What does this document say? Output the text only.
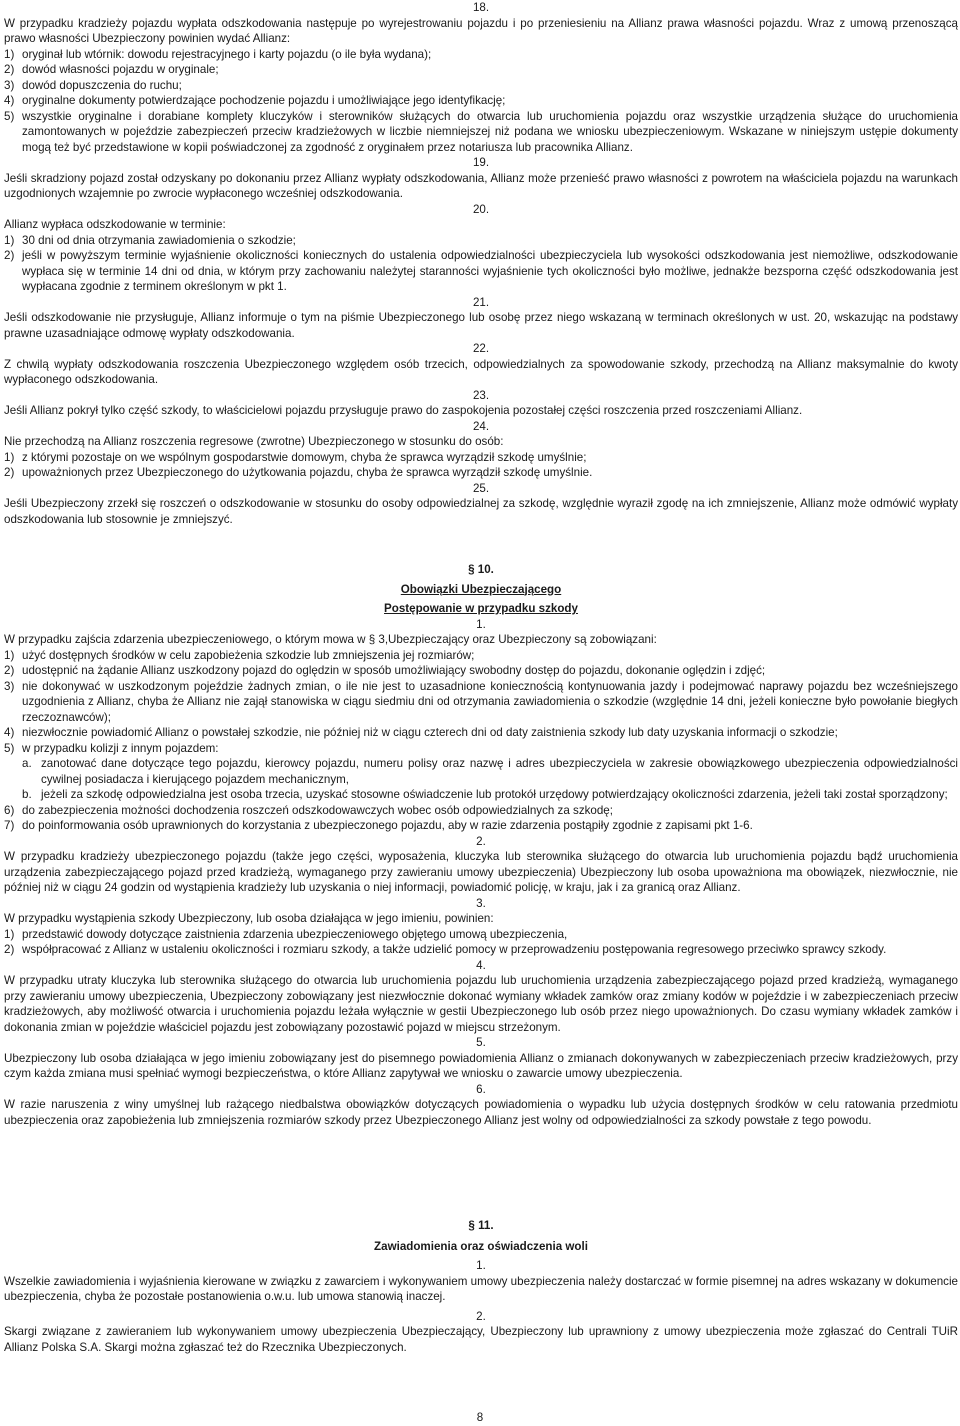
18.

W przypadku kradzieży pojazdu wypłata odszkodowania następuje po wyrejestrowaniu pojazdu i po przeniesieniu na Allianz prawa własności pojazdu. Wraz z umową przenoszącą prawo własności Ubezpieczony powinien wydać Allianz:

1) oryginał lub wtórnik: dowodu rejestracyjnego i karty pojazdu (o ile była wydana);
2) dowód własności pojazdu w oryginale;
3) dowód dopuszczenia do ruchu;
4) oryginalne dokumenty potwierdzające pochodzenie pojazdu i umożliwiające jego identyfikację;
5) wszystkie oryginalne i dorabiane komplety kluczyków i sterowników służących do otwarcia lub uruchomienia pojazdu oraz wszystkie urządzenia służące do uruchomienia zamontowanych w pojeździe zabezpieczeń przeciw kradzieżowych w liczbie niemniejszej niż podana we wniosku ubezpieczeniowym. Wskazane w niniejszym ustępie dokumenty mogą też być przedstawione w kopii poświadczonej za zgodność z oryginałem przez notariusza lub pracownika Allianz.

19.

Jeśli skradziony pojazd został odzyskany po dokonaniu przez Allianz wypłaty odszkodowania, Allianz może przenieść prawo własności z powrotem na właściciela pojazdu na warunkach uzgodnionych wzajemnie po zwrocie wypłaconego wcześniej odszkodowania.

20.

Allianz wypłaca odszkodowanie w terminie:

1) 30 dni od dnia otrzymania zawiadomienia o szkodzie;
2) jeśli w powyższym terminie wyjaśnienie okoliczności koniecznych do ustalenia odpowiedzialności ubezpieczyciela lub wysokości odszkodowania jest niemożliwe, odszkodowanie wypłaca się w terminie 14 dni od dnia, w którym przy zachowaniu należytej staranności wyjaśnienie tych okoliczności było możliwe, jednakże bezsporna część odszkodowania jest wypłacana zgodnie z terminem określonym w pkt 1.

21.

Jeśli odszkodowanie nie przysługuje, Allianz informuje o tym na piśmie Ubezpieczonego lub osobę przez niego wskazaną w terminach określonych w ust. 20, wskazując na podstawy prawne uzasadniające odmowę wypłaty odszkodowania.

22.

Z chwilą wypłaty odszkodowania roszczenia Ubezpieczonego względem osób trzecich, odpowiedzialnych za spowodowanie szkody, przechodzą na Allianz maksymalnie do kwoty wypłaconego odszkodowania.

23.

Jeśli Allianz pokrył tylko część szkody, to właścicielowi pojazdu przysługuje prawo do zaspokojenia pozostałej części roszczenia przed roszczeniami Allianz.

24.

Nie przechodzą na Allianz roszczenia regresowe (zwrotne) Ubezpieczonego w stosunku do osób:

1) z którymi pozostaje on we wspólnym gospodarstwie domowym, chyba że sprawca wyrządził szkodę umyślnie;
2) upoważnionych przez Ubezpieczonego do użytkowania pojazdu, chyba że sprawca wyrządził szkodę umyślnie.

25.

Jeśli Ubezpieczony zrzekł się roszczeń o odszkodowanie w stosunku do osoby odpowiedzialnej za szkodę, względnie wyraził zgodę na ich zmniejszenie, Allianz może odmówić wypłaty odszkodowania lub stosownie je zmniejszyć.

§ 10.

Obowiązki Ubezpieczającego

Postępowanie w przypadku szkody

1.

W przypadku zajścia zdarzenia ubezpieczeniowego, o którym mowa w § 3,Ubezpieczający oraz Ubezpieczony są zobowiązani:

1) użyć dostępnych środków w celu zapobieżenia szkodzie lub zmniejszenia jej rozmiarów;
2) udostępnić na żądanie Allianz uszkodzony pojazd do oględzin w sposób umożliwiający swobodny dostęp do pojazdu, dokonanie oględzin i zdjęć;
3) nie dokonywać w uszkodzonym pojeździe żadnych zmian, o ile nie jest to uzasadnione koniecznością kontynuowania jazdy i podejmować naprawy pojazdu bez wcześniejszego uzgodnienia z Allianz, chyba że Allianz nie zajął stanowiska w ciągu siedmiu dni od otrzymania zawiadomienia o szkodzie (względnie 14 dni, jeżeli konieczne było powołanie biegłych rzeczoznawców);
4) niezwłocznie powiadomić Allianz o powstałej szkodzie, nie później niż w ciągu czterech dni od daty zaistnienia szkody lub daty uzyskania informacji o szkodzie;
5) w przypadku kolizji z innym pojazdem:
a. zanotować dane dotyczące tego pojazdu, kierowcy pojazdu, numeru polisy oraz nazwę i adres ubezpieczyciela w zakresie obowiązkowego ubezpieczenia odpowiedzialności cywilnej posiadacza i kierującego pojazdem mechanicznym,
b. jeżeli za szkodę odpowiedzialna jest osoba trzecia, uzyskać stosowne oświadczenie lub protokół urzędowy potwierdzający okoliczności zdarzenia, jeżeli taki został sporządzony;
6) do zabezpieczenia możności dochodzenia roszczeń odszkodowawczych wobec osób odpowiedzialnych za szkodę;
7) do poinformowania osób uprawnionych do korzystania z ubezpieczonego pojazdu, aby w razie zdarzenia postąpiły zgodnie z zapisami pkt 1-6.

2.

W przypadku kradzieży ubezpieczonego pojazdu (także jego części, wyposażenia, kluczyka lub sterownika służącego do otwarcia lub uruchomienia pojazdu bądź uruchomienia urządzenia zabezpieczającego pojazd przed kradzieżą, wymaganego przy zawieraniu umowy ubezpieczenia) Ubezpieczony lub osoba upoważniona ma obowiązek, niezwłocznie, nie później niż w ciągu 24 godzin od wystąpienia kradzieży lub uzyskania o niej informacji, powiadomić policję, w kraju, jak i za granicą oraz Allianz.

3.

W przypadku wystąpienia szkody Ubezpieczony, lub osoba działająca w jego imieniu, powinien:

1) przedstawić dowody dotyczące zaistnienia zdarzenia ubezpieczeniowego objętego umową ubezpieczenia,
2) współpracować z Allianz w ustaleniu okoliczności i rozmiaru szkody, a także udzielić pomocy w przeprowadzeniu postępowania regresowego przeciwko sprawcy szkody.

4.

W przypadku utraty kluczyka lub sterownika służącego do otwarcia lub uruchomienia pojazdu lub uruchomienia urządzenia zabezpieczającego pojazd przed kradzieżą, wymaganego przy zawieraniu umowy ubezpieczenia, Ubezpieczony zobowiązany jest niezwłocznie dokonać wymiany wkładek zamków oraz zmiany kodów w pojeździe i w zabezpieczeniach przeciw kradzieżowych, aby możliwość otwarcia i uruchomienia pojazdu leżała wyłącznie w gestii Ubezpieczonego lub osób przez niego upoważnionych. Do czasu wymiany wkładek zamków i dokonania zmian w pojeździe właściciel pojazdu jest zobowiązany pozostawić pojazd w miejscu strzeżonym.

5.

Ubezpieczony lub osoba działająca w jego imieniu zobowiązany jest do pisemnego powiadomienia Allianz o zmianach dokonywanych w zabezpieczeniach przeciw kradzieżowych, przy czym każda zmiana musi spełniać wymogi bezpieczeństwa, o które Allianz zapytywał we wniosku o zawarcie umowy ubezpieczenia.

6.

W razie naruszenia z winy umyślnej lub rażącego niedbalstwa obowiązków dotyczących powiadomienia o wypadku lub użycia dostępnych środków w celu ratowania przedmiotu ubezpieczenia oraz zapobieżenia lub zmniejszenia rozmiarów szkody przez Ubezpieczonego Allianz jest wolny od odpowiedzialności za szkody powstałe z tego powodu.

§ 11.

Zawiadomienia oraz oświadczenia woli

1.

Wszelkie zawiadomienia i wyjaśnienia kierowane w związku z zawarciem i wykonywaniem umowy ubezpieczenia należy dostarczać w formie pisemnej na adres wskazany w dokumencie ubezpieczenia, chyba że pozostałe postanowienia o.w.u. lub umowa stanowią inaczej.

2.

Skargi związane z zawieraniem lub wykonywaniem umowy ubezpieczenia Ubezpieczający, Ubezpieczony lub uprawniony z umowy ubezpieczenia może zgłaszać do Centrali TUiR Allianz Polska S.A. Skargi można zgłaszać też do Rzecznika Ubezpieczonych.

8
